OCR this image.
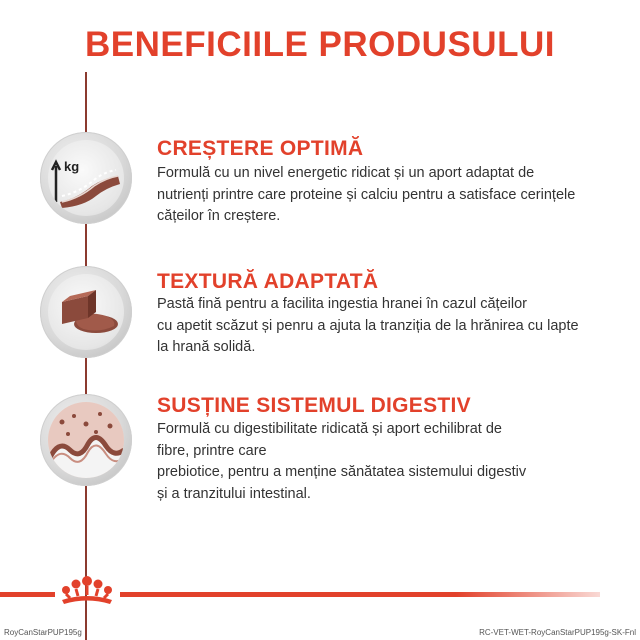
BENEFICIILE PRODUSULUI
kg
CREȘTERE OPTIMĂ
Formulă cu un nivel energetic ridicat și un aport adaptat de
nutrienți printre care proteine și calciu pentru a satisface cerințele
cățeilor în creștere.
TEXTURĂ ADAPTATĂ
Pastă fină pentru a facilita ingestia hranei în cazul cățeilor
cu apetit scăzut și penru a ajuta la tranziția de la hrănirea cu lapte
la hrană solidă.
SUSȚINE SISTEMUL DIGESTIV
Formulă cu digestibilitate ridicată și aport echilibrat de
fibre, printre care
prebiotice, pentru a menține sănătatea sistemului digestiv
și a tranzitului intestinal.
RoyCanStarPUP195g	RC-VET-WET-RoyCanStarPUP195g-SK-Fnl
